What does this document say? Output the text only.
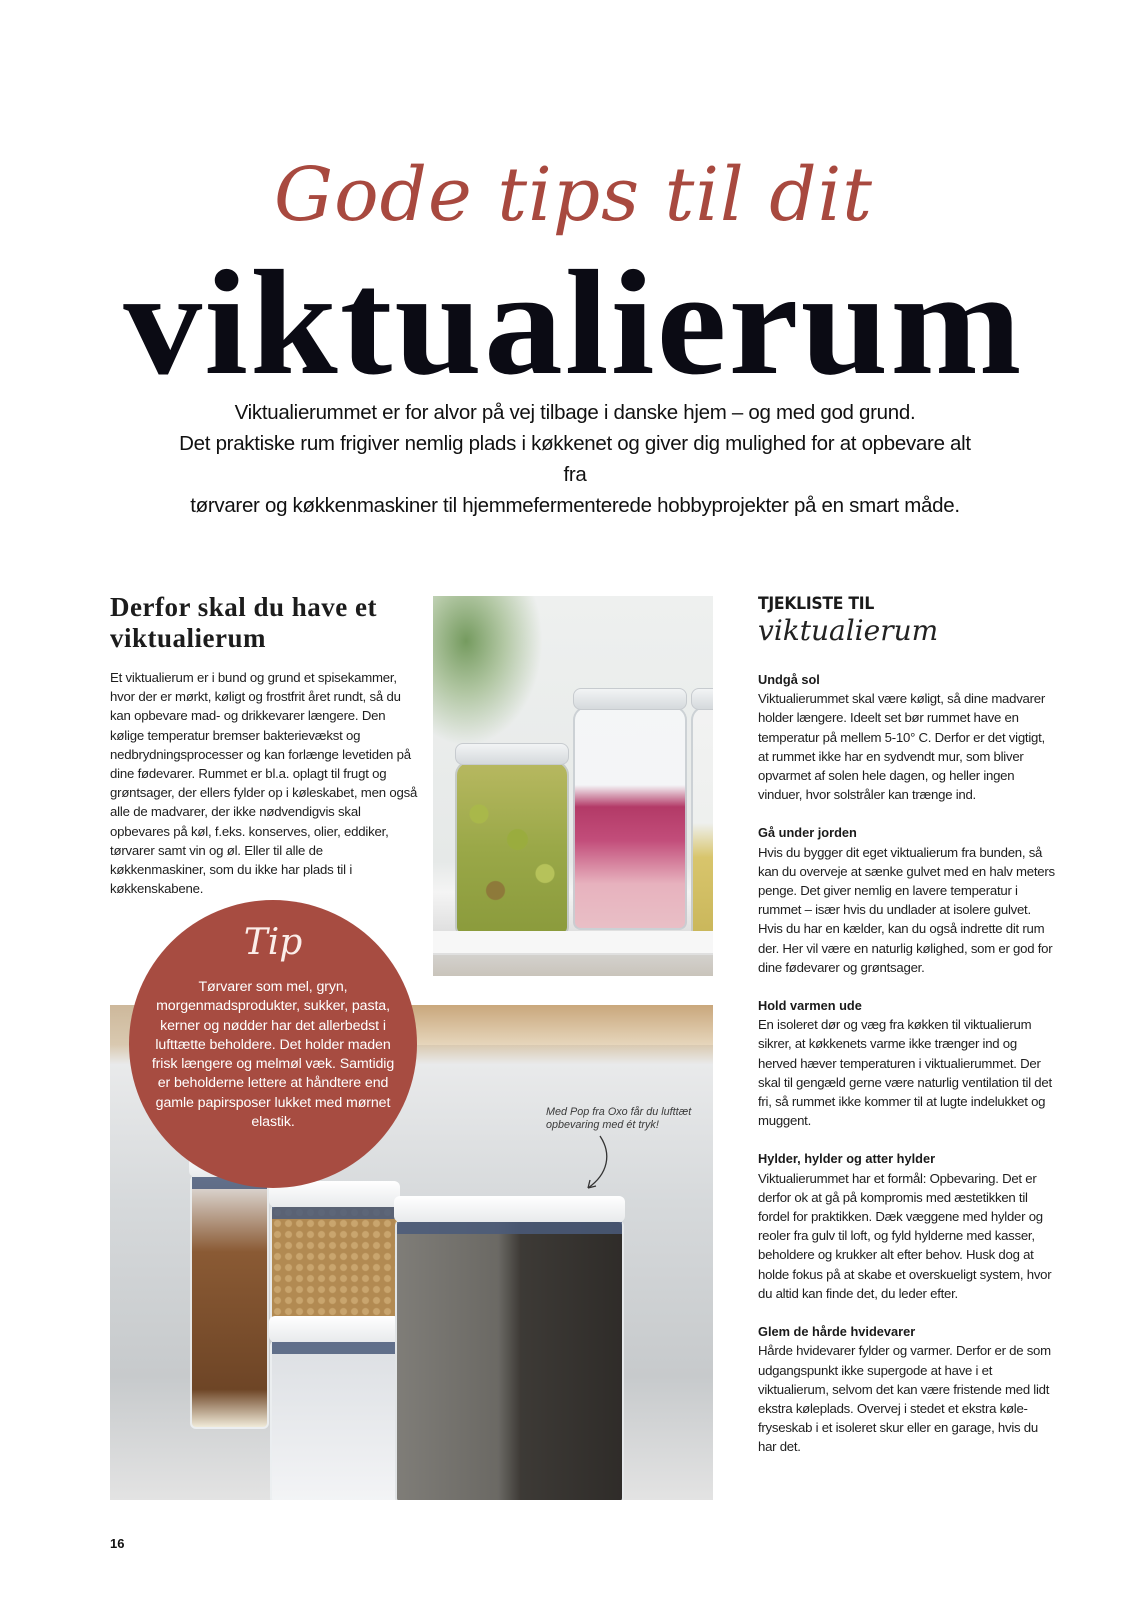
Gode tips til dit
viktualierum

Viktualierummet er for alvor på vej tilbage i danske hjem – og med god grund.

Det praktiske rum frigiver nemlig plads i køkkenet og giver dig mulighed for at opbevare alt fra

tørvarer og køkkenmaskiner til hjemmefermenterede hobbyprojekter på en smart måde.

Derfor skal du have et viktualierum

Et viktualierum er i bund og grund et spisekammer, hvor der er mørkt, køligt og frostfrit året rundt, så du kan opbevare mad- og drikkevarer længere. Den kølige temperatur bremser bakterievækst og nedbrydningsprocesser og kan forlænge levetiden på dine fødevarer. Rummet er bl.a. oplagt til frugt og grøntsager, der ellers fylder op i køleskabet, men også alle de madvarer, der ikke nødvendigvis skal opbevares på køl, f.eks. konserves, olier, eddiker, tørvarer samt vin og øl. Eller til alle de køkkenmaskiner, som du ikke har plads til i køkkenskabene.

Tip
Tørvarer som mel, gryn, morgenmadsprodukter, sukker, pasta, kerner og nødder har det allerbedst i lufttætte beholdere. Det holder maden frisk længere og melmøl væk. Samtidig er beholderne lettere at håndtere end gamle papirsposer lukket med mørnet elastik.
Med Pop fra Oxo får du lufttæt opbevaring med ét tryk!

TJEKLISTE TIL

viktualierum

Undgå sol

Viktualierummet skal være køligt, så dine madvarer holder længere. Ideelt set bør rummet have en temperatur på mellem 5-10° C. Derfor er det vigtigt, at rummet ikke har en sydvendt mur, som bliver opvarmet af solen hele dagen, og heller ingen vinduer, hvor solstråler kan trænge ind.

Gå under jorden

Hvis du bygger dit eget viktualierum fra bunden, så kan du overveje at sænke gulvet med en halv meters penge. Det giver nemlig en lavere temperatur i rummet – især hvis du undlader at isolere gulvet. Hvis du har en kælder, kan du også indrette dit rum der. Her vil være en naturlig kølighed, som er god for dine fødevarer og grøntsager.

Hold varmen ude

En isoleret dør og væg fra køkken til viktualierum sikrer, at køkkenets varme ikke trænger ind og herved hæver temperaturen i viktualierummet. Der skal til gengæld gerne være naturlig ventilation til det fri, så rummet ikke kommer til at lugte indelukket og muggent.

Hylder, hylder og atter hylder

Viktualierummet har et formål: Opbevaring. Det er derfor ok at gå på kompromis med æstetikken til fordel for praktikken. Dæk væggene med hylder og reoler fra gulv til loft, og fyld hylderne med kasser, beholdere og krukker alt efter behov. Husk dog at holde fokus på at skabe et overskueligt system, hvor du altid kan finde det, du leder efter.

Glem de hårde hvidevarer

Hårde hvidevarer fylder og varmer. Derfor er de som udgangspunkt ikke supergode at have i et viktualierum, selvom det kan være fristende med lidt ekstra køleplads. Overvej i stedet et ekstra køle-fryseskab i et isoleret skur eller en garage, hvis du har det.

16
